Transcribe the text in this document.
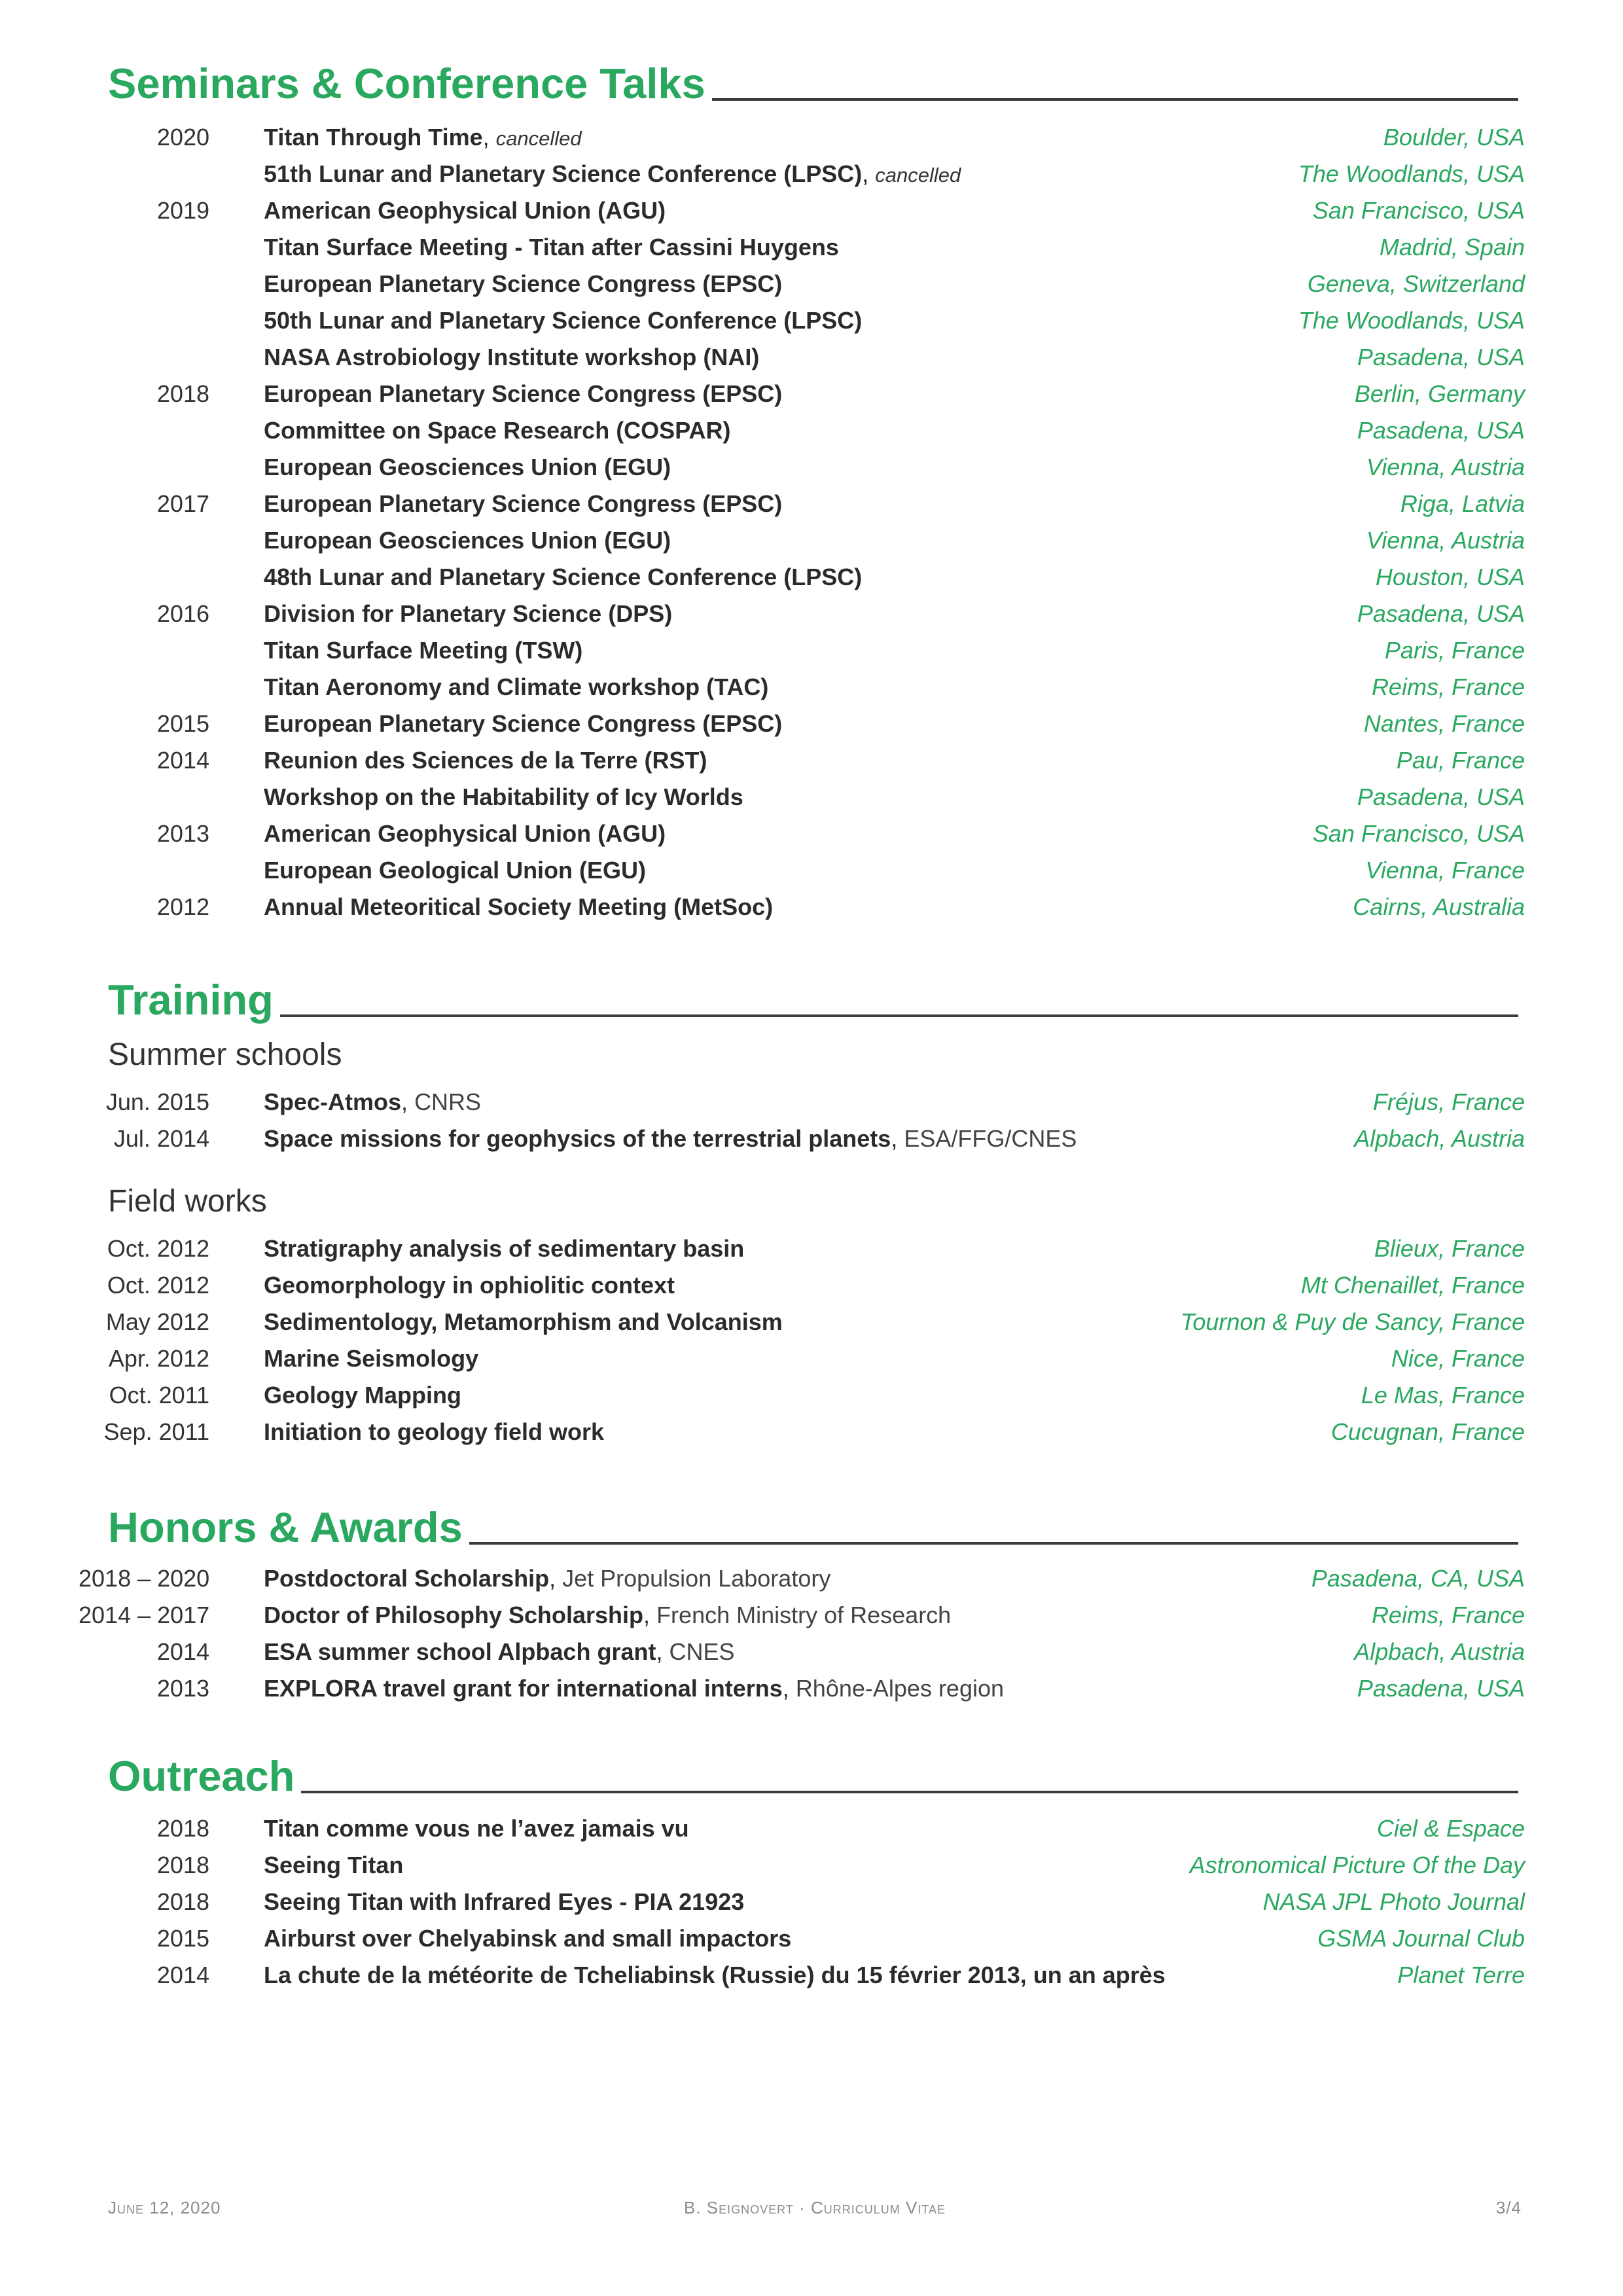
Seminars & Conference Talks
2020 Titan Through Time, cancelled	Boulder, USA
51th Lunar and Planetary Science Conference (LPSC), cancelled	The Woodlands, USA
2019 American Geophysical Union (AGU)	San Francisco, USA
Titan Surface Meeting - Titan after Cassini Huygens	Madrid, Spain
European Planetary Science Congress (EPSC)	Geneva, Switzerland
50th Lunar and Planetary Science Conference (LPSC)	The Woodlands, USA
NASA Astrobiology Institute workshop (NAI)	Pasadena, USA
2018 European Planetary Science Congress (EPSC)	Berlin, Germany
Committee on Space Research (COSPAR)	Pasadena, USA
European Geosciences Union (EGU)	Vienna, Austria
2017 European Planetary Science Congress (EPSC)	Riga, Latvia
European Geosciences Union (EGU)	Vienna, Austria
48th Lunar and Planetary Science Conference (LPSC)	Houston, USA
2016 Division for Planetary Science (DPS)	Pasadena, USA
Titan Surface Meeting (TSW)	Paris, France
Titan Aeronomy and Climate workshop (TAC)	Reims, France
2015 European Planetary Science Congress (EPSC)	Nantes, France
2014 Reunion des Sciences de la Terre (RST)	Pau, France
Workshop on the Habitability of Icy Worlds	Pasadena, USA
2013 American Geophysical Union (AGU)	San Francisco, USA
European Geological Union (EGU)	Vienna, France
2012 Annual Meteoritical Society Meeting (MetSoc)	Cairns, Australia
Training
Summer schools
Jun. 2015 Spec-Atmos, CNRS	Fréjus, France
Jul. 2014 Space missions for geophysics of the terrestrial planets, ESA/FFG/CNES	Alpbach, Austria
Field works
Oct. 2012 Stratigraphy analysis of sedimentary basin	Blieux, France
Oct. 2012 Geomorphology in ophiolitic context	Mt Chenaillet, France
May 2012 Sedimentology, Metamorphism and Volcanism	Tournon & Puy de Sancy, France
Apr. 2012 Marine Seismology	Nice, France
Oct. 2011 Geology Mapping	Le Mas, France
Sep. 2011 Initiation to geology field work	Cucugnan, France
Honors & Awards
2018 – 2020 Postdoctoral Scholarship, Jet Propulsion Laboratory	Pasadena, CA, USA
2014 – 2017 Doctor of Philosophy Scholarship, French Ministry of Research	Reims, France
2014 ESA summer school Alpbach grant, CNES	Alpbach, Austria
2013 EXPLORA travel grant for international interns, Rhône-Alpes region	Pasadena, USA
Outreach
2018 Titan comme vous ne l’avez jamais vu	Ciel & Espace
2018 Seeing Titan	Astronomical Picture Of the Day
2018 Seeing Titan with Infrared Eyes - PIA 21923	NASA JPL Photo Journal
2015 Airburst over Chelyabinsk and small impactors	GSMA Journal Club
2014 La chute de la météorite de Tcheliabinsk (Russie) du 15 février 2013, un an après	Planet Terre
June 12, 2020	B. Seignovert · Curriculum Vitae	3/4
